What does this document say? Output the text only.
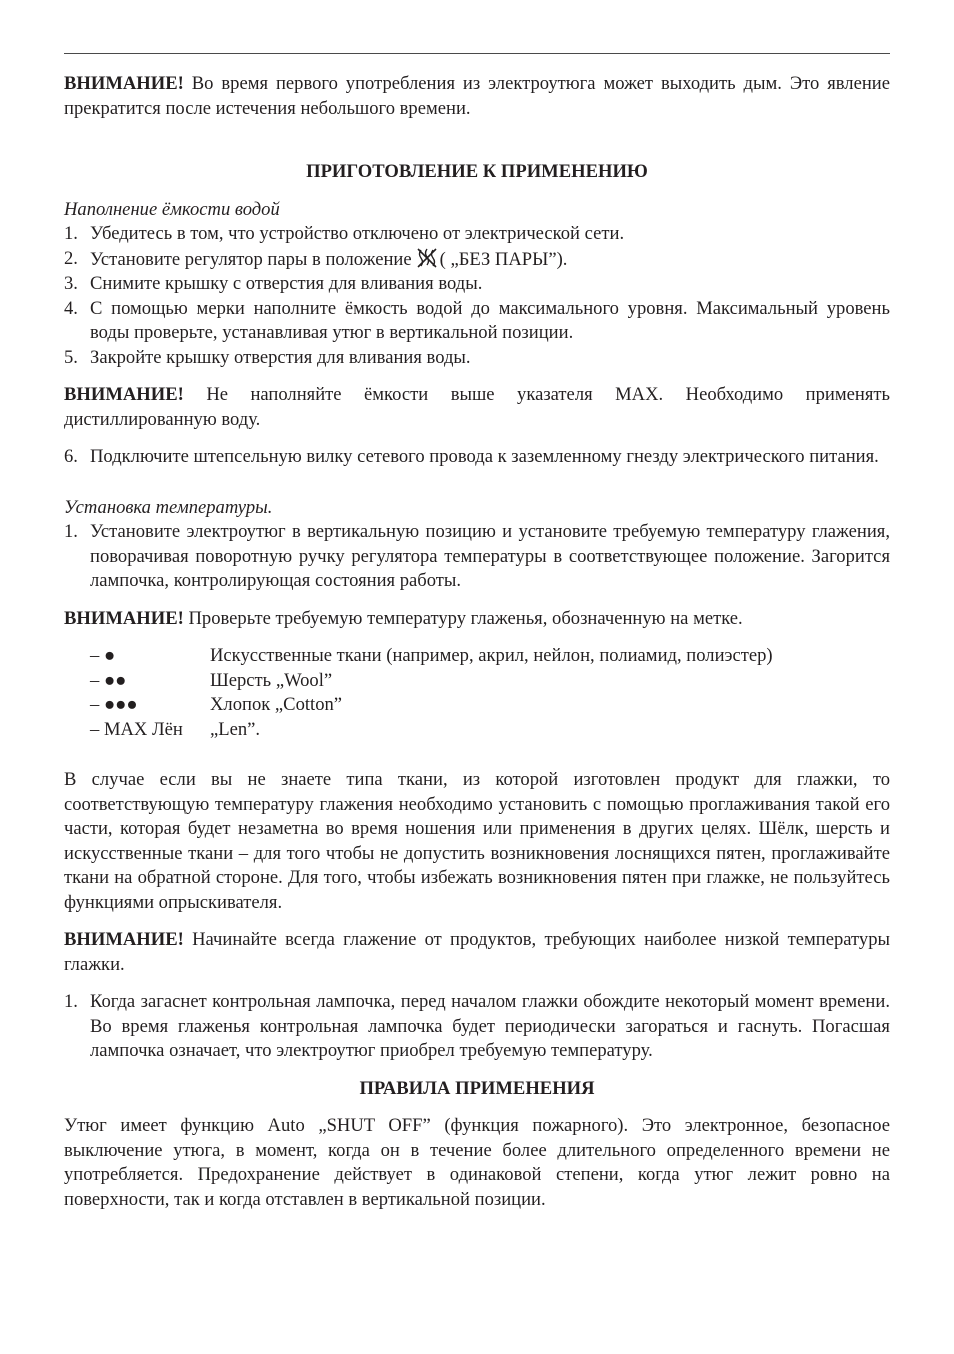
ВНИМАНИЕ! Во время первого употребления из электроутюга может выходить дым. Это явление прекратится после истечения небольшого времени.

ПРИГОТОВЛЕНИЕ К ПРИМЕНЕНИЮ

Наполнение ёмкости водой

1. Убедитесь в том, что устройство отключено от электрической сети.
2. Установите регулятор пары в положение ( „БЕЗ ПАРЫ”).
3. Снимите крышку с отверстия для вливания воды.
4. С помощью мерки наполните ёмкость водой до максимального уровня. Максимальный уровень воды проверьте, устанавливая утюг в вертикальной позиции.
5. Закройте крышку отверстия для вливания воды.

ВНИМАНИЕ! Не наполняйте ёмкости выше указателя MAX. Необходимо применять дистиллированную воду.

6. Подключите штепсельную вилку сетевого провода к заземленному гнезду электрического питания.

Установка температуры.

1. Установите электроутюг в вертикальную позицию и установите требуемую температуру глажения, поворачивая поворотную ручку регулятора температуры в соответствующее положение. Загорится лампочка, контролирующая состояния работы.

ВНИМАНИЕ! Проверьте требуемую температуру глаженья, обозначенную на метке.

– ●	Искусственные ткани (например, акрил, нейлон, полиамид, полиэстер)
– ●●	Шерсть „Wool”
– ●●●	Хлопок „Cotton”
– MAX Лён	„Len”.

В случае если вы не знаете типа ткани, из которой изготовлен продукт для глажки, то соответствующую температуру глажения необходимо установить с помощью проглаживания такой его части, которая будет незаметна во время ношения или применения в других целях. Шёлк, шерсть и искусственные ткани – для того чтобы не допустить возникновения лоснящихся пятен, проглаживайте ткани на обратной стороне. Для того, чтобы избежать возникновения пятен при глажке, не пользуйтесь функциями опрыскивателя.

ВНИМАНИЕ! Начинайте всегда глажение от продуктов, требующих наиболее низкой температуры глажки.

1. Когда загаснет контрольная лампочка, перед началом глажки обождите некоторый момент времени. Во время глаженья контрольная лампочка будет периодически загораться и гаснуть. Погасшая лампочка означает, что электроутюг приобрел требуемую температуру.
ПРАВИЛА ПРИМЕНЕНИЯ

Утюг имеет функцию Auto „SHUT OFF” (функция пожарного). Это электронное, безопасное выключение утюга, в момент, когда он в течение более длительного определенного времени не употребляется. Предохранение действует в одинаковой степени, когда утюг лежит ровно на поверхности, так и когда отставлен в вертикальной позиции.
